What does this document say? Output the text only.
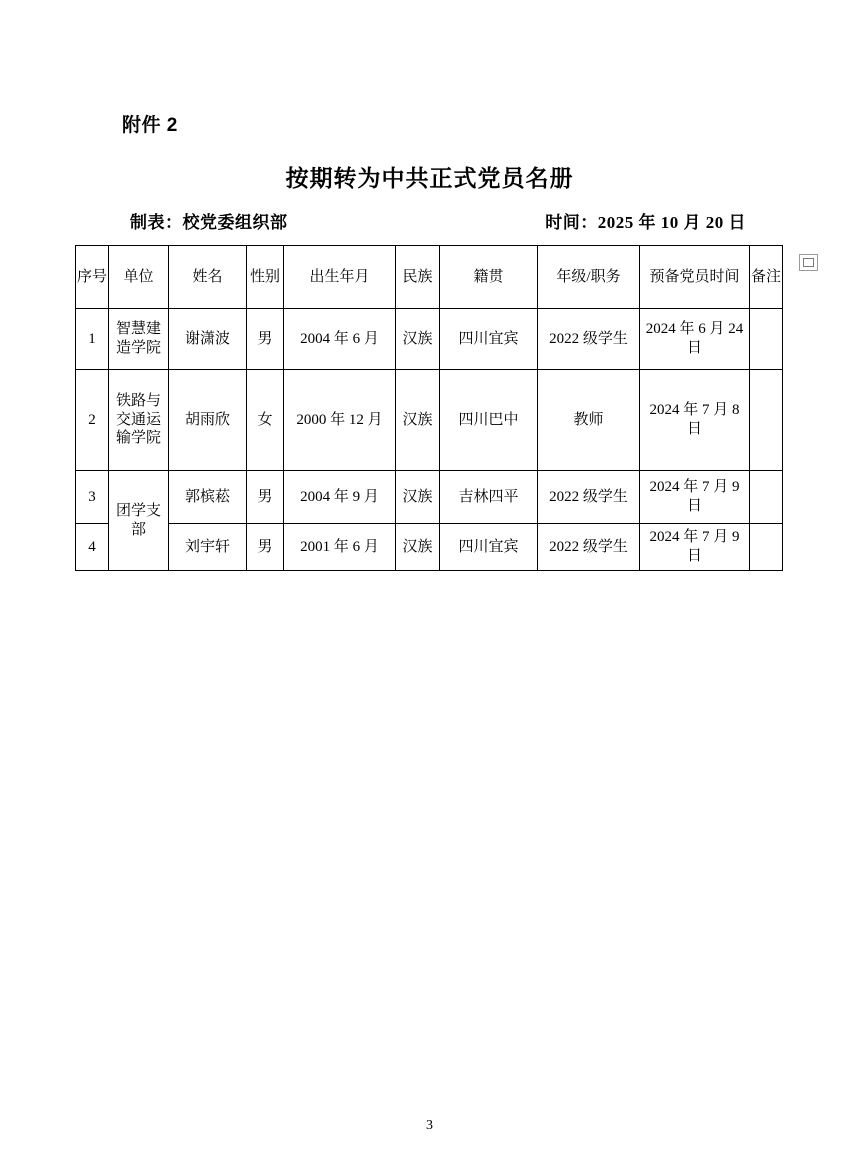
附件 2
按期转为中共正式党员名册
制表：校党委组织部	时间：2025 年 10 月 20 日
序号	单位	姓名	性别	出生年月	民族	籍贯	年级/职务	预备党员时间	备注
1	智慧建造学院	谢潇波	男	2004 年 6 月	汉族	四川宜宾	2022 级学生	2024 年 6 月 24 日	
2	铁路与交通运输学院	胡雨欣	女	2000 年 12 月	汉族	四川巴中	教师	2024 年 7 月 8 日	
3	团学支部	郭槟菘	男	2004 年 9 月	汉族	吉林四平	2022 级学生	2024 年 7 月 9 日	
4		刘宇轩	男	2001 年 6 月	汉族	四川宜宾	2022 级学生	2024 年 7 月 9 日	
3
